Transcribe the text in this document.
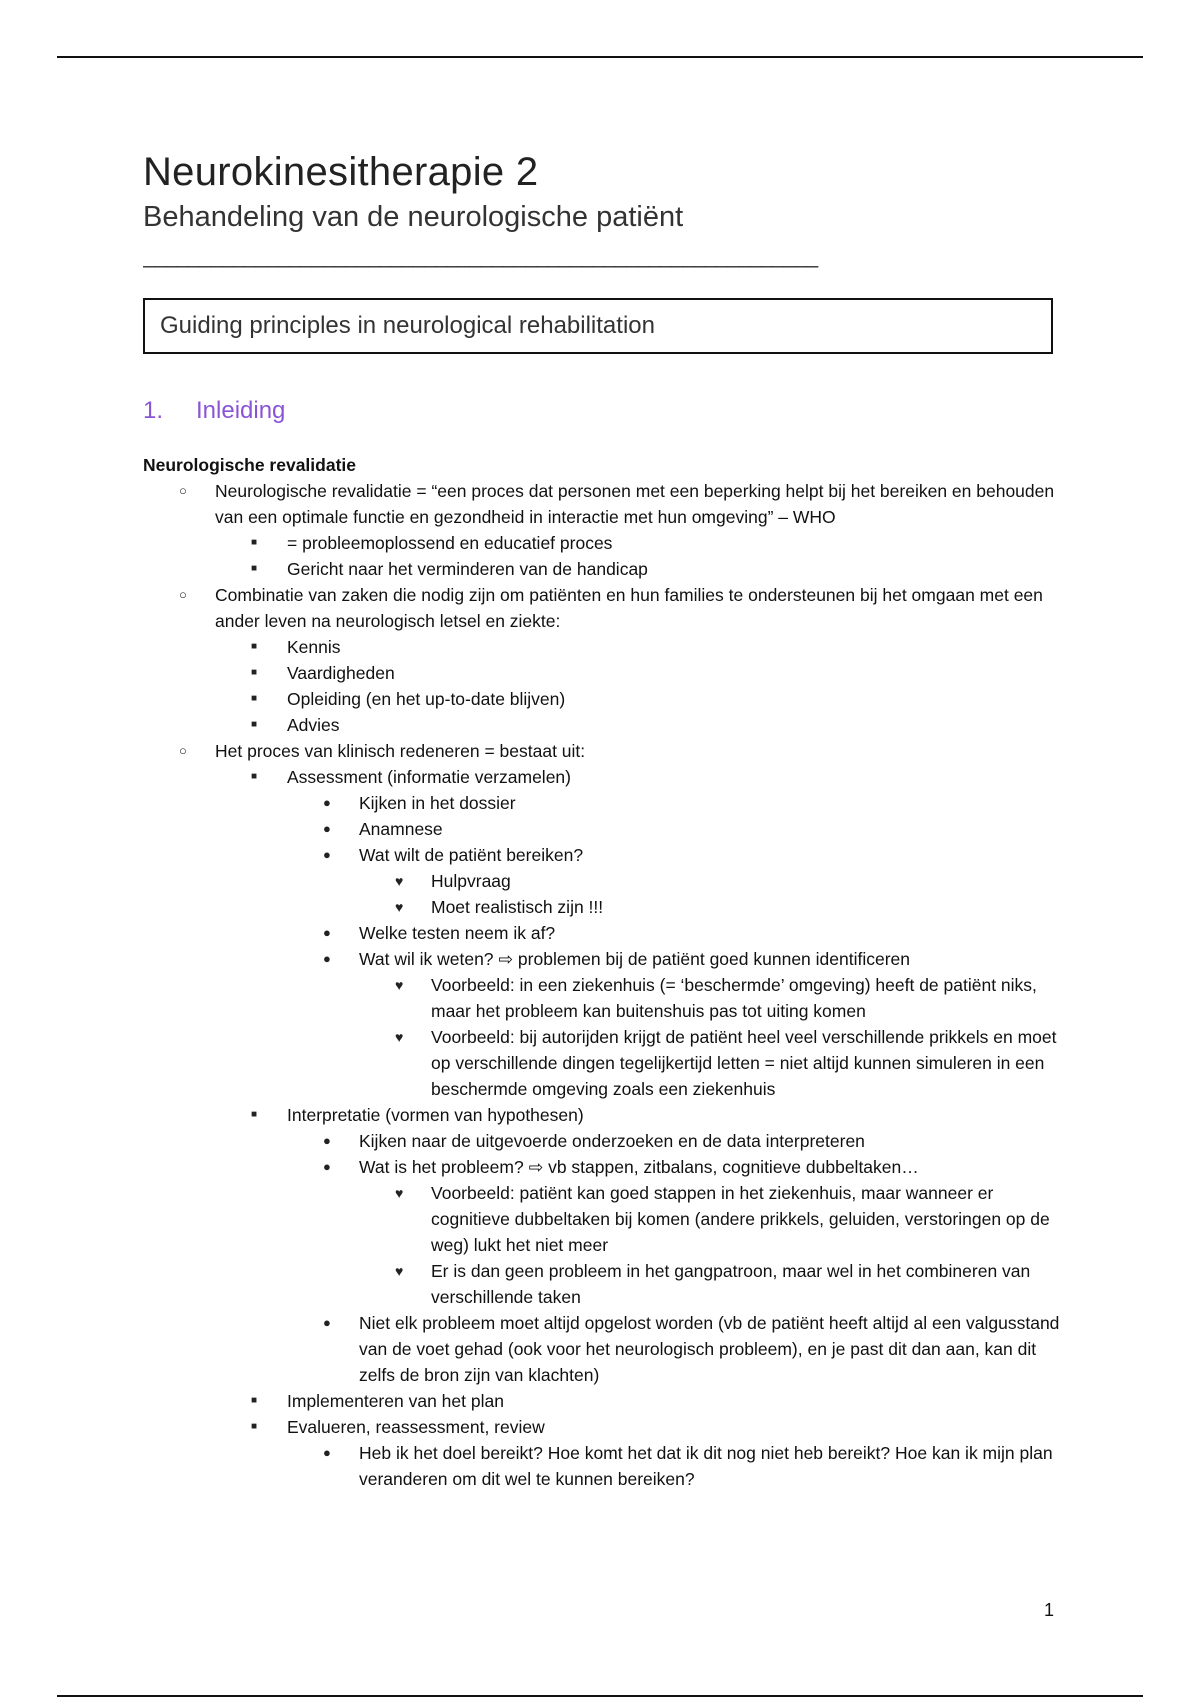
Neurokinesitherapie 2
Behandeling van de neurologische patiënt
____________________________________________________________
Guiding principles in neurological rehabilitation
1.	Inleiding
Neurologische revalidatie
○ Neurologische revalidatie = “een proces dat personen met een beperking helpt bij het bereiken en behouden van een optimale functie en gezondheid in interactie met hun omgeving” – WHO
■ = probleemoplossend en educatief proces
■ Gericht naar het verminderen van de handicap
○ Combinatie van zaken die nodig zijn om patiënten en hun families te ondersteunen bij het omgaan met een ander leven na neurologisch letsel en ziekte:
■ Kennis
■ Vaardigheden
■ Opleiding (en het up-to-date blijven)
■ Advies
○ Het proces van klinisch redeneren = bestaat uit:
■ Assessment (informatie verzamelen)
● Kijken in het dossier
● Anamnese
● Wat wilt de patiënt bereiken?
♥ Hulpvraag
♥ Moet realistisch zijn !!!
● Welke testen neem ik af?
● Wat wil ik weten? ⇨ problemen bij de patiënt goed kunnen identificeren
♥ Voorbeeld: in een ziekenhuis (= ‘beschermde’ omgeving) heeft de patiënt niks, maar het probleem kan buitenshuis pas tot uiting komen
♥ Voorbeeld: bij autorijden krijgt de patiënt heel veel verschillende prikkels en moet op verschillende dingen tegelijkertijd letten = niet altijd kunnen simuleren in een beschermde omgeving zoals een ziekenhuis
■ Interpretatie (vormen van hypothesen)
● Kijken naar de uitgevoerde onderzoeken en de data interpreteren
● Wat is het probleem? ⇨ vb stappen, zitbalans, cognitieve dubbeltaken…
♥ Voorbeeld: patiënt kan goed stappen in het ziekenhuis, maar wanneer er cognitieve dubbeltaken bij komen (andere prikkels, geluiden, verstoringen op de weg) lukt het niet meer
♥ Er is dan geen probleem in het gangpatroon, maar wel in het combineren van verschillende taken
● Niet elk probleem moet altijd opgelost worden (vb de patiënt heeft altijd al een valgusstand van de voet gehad (ook voor het neurologisch probleem), en je past dit dan aan, kan dit zelfs de bron zijn van klachten)
■ Implementeren van het plan
■ Evalueren, reassessment, review
● Heb ik het doel bereikt? Hoe komt het dat ik dit nog niet heb bereikt? Hoe kan ik mijn plan veranderen om dit wel te kunnen bereiken?
1
